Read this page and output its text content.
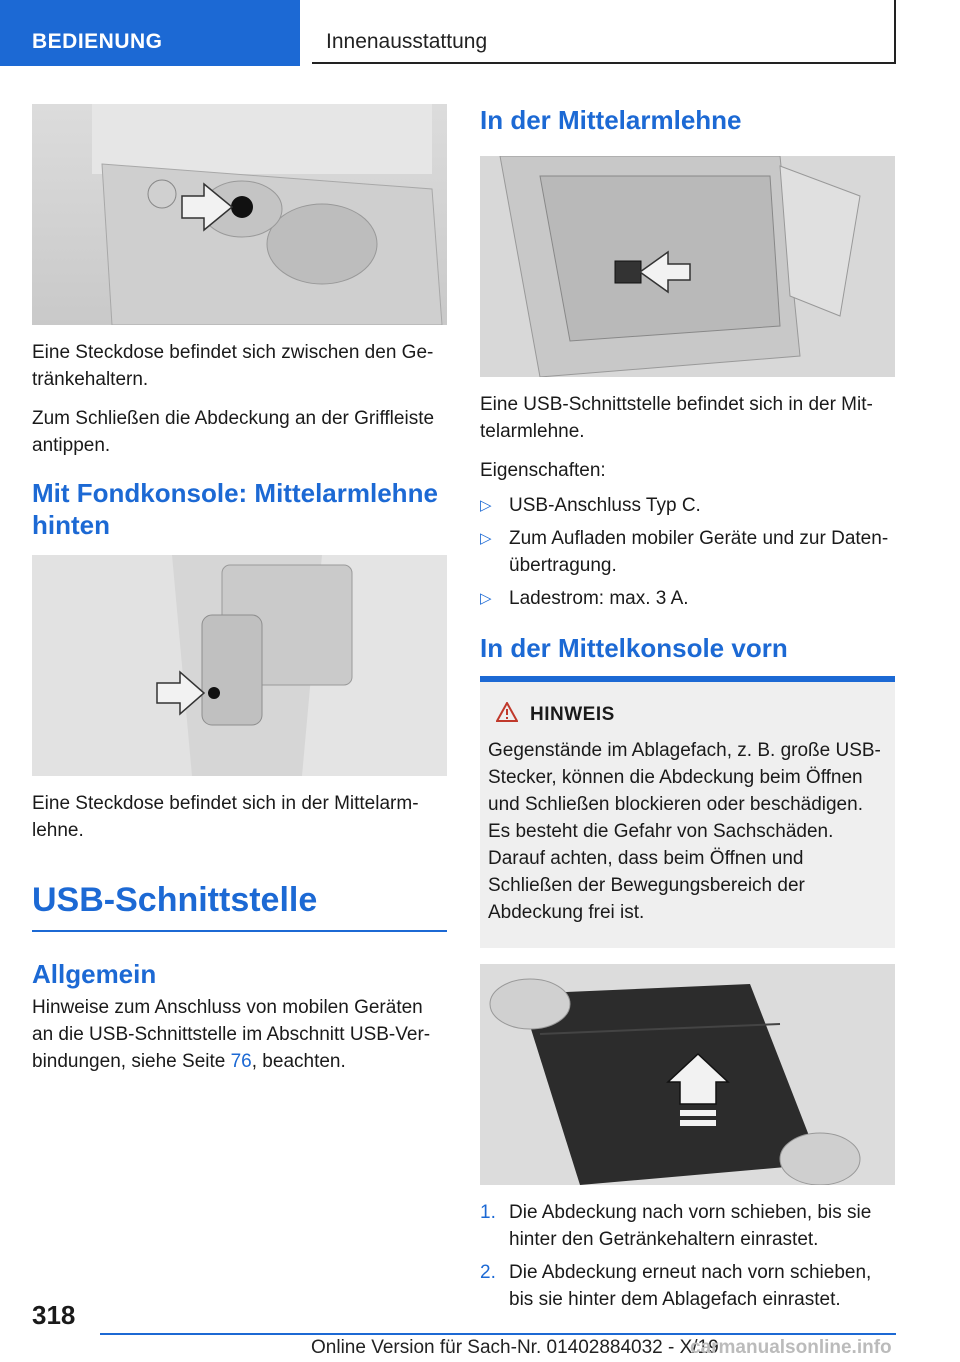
BEDIENUNG	Innenausstattung

Eine Steckdose befindet sich zwischen den Getränkehaltern.

Zum Schließen die Abdeckung an der Griffleiste antippen.

Mit Fondkonsole: Mittelarmlehne hinten

Eine Steckdose befindet sich in der Mittelarmlehne.

USB-Schnittstelle
Allgemein

Hinweise zum Anschluss von mobilen Geräten an die USB-Schnittstelle im Abschnitt USB-Verbindungen, siehe Seite 76, beachten.

In der Mittelarmlehne

Eine USB-Schnittstelle befindet sich in der Mittelarmlehne.

Eigenschaften:

▷ USB-Anschluss Typ C.
▷ Zum Aufladen mobiler Geräte und zur Datenübertragung.
▷ Ladestrom: max. 3 A.
In der Mittelkonsole vorn
HINWEIS

Gegenstände im Ablagefach, z. B. große USB-Stecker, können die Abdeckung beim Öffnen und Schließen blockieren oder beschädigen. Es besteht die Gefahr von Sachschäden. Darauf achten, dass beim Öffnen und Schließen der Bewegungsbereich der Abdeckung frei ist.

1. Die Abdeckung nach vorn schieben, bis sie hinter den Getränkehaltern einrastet.
2. Die Abdeckung erneut nach vorn schieben, bis sie hinter dem Ablagefach einrastet.
318
Online Version für Sach-Nr. 01402884032 - X/19
carmanualsonline.info
